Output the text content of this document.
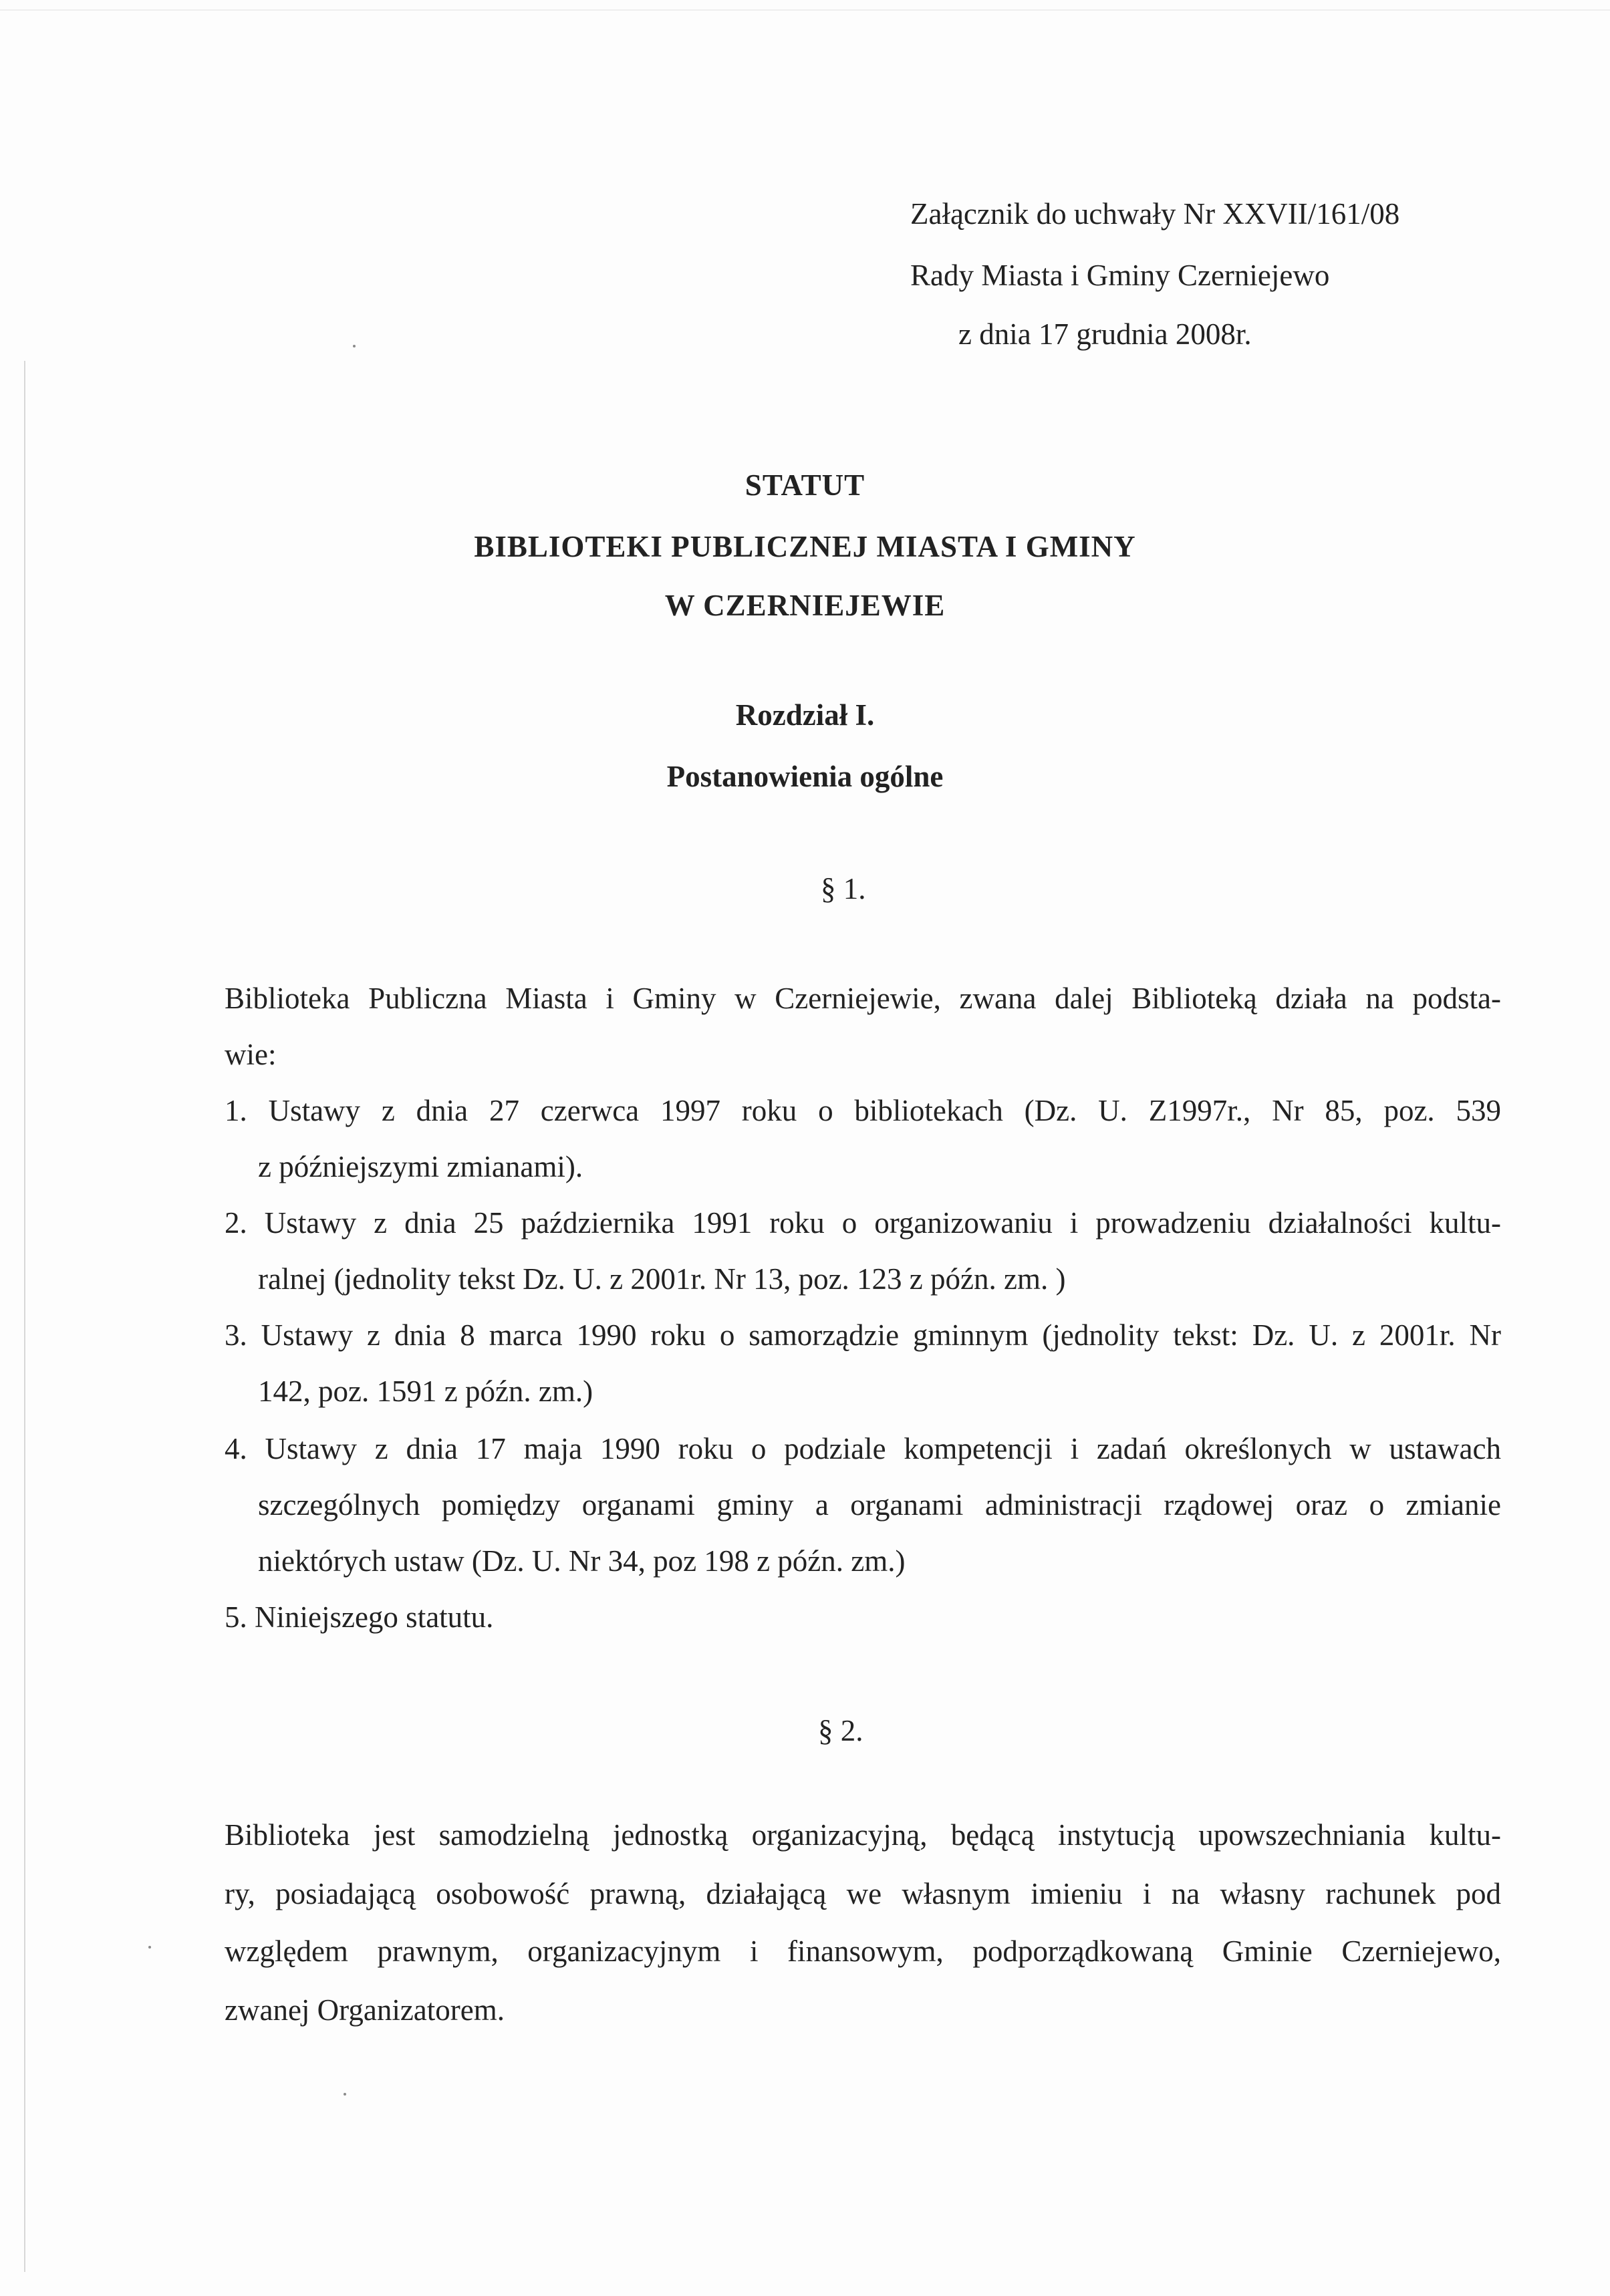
Załącznik do uchwały Nr XXVII/161/08
Rady Miasta i Gminy Czerniejewo
z dnia 17 grudnia 2008r.
STATUT
BIBLIOTEKI PUBLICZNEJ MIASTA I GMINY
W CZERNIEJEWIE
Rozdział I.
Postanowienia ogólne
§ 1.
Biblioteka Publiczna Miasta i Gminy w Czerniejewie, zwana dalej Biblioteką działa na podsta-
wie:
1. Ustawy z dnia 27 czerwca 1997 roku o bibliotekach (Dz. U. Z1997r., Nr 85, poz. 539
z późniejszymi zmianami).
2. Ustawy z dnia 25 października 1991 roku o organizowaniu i prowadzeniu działalności kultu-
ralnej (jednolity tekst Dz. U. z 2001r. Nr 13, poz. 123 z późn. zm. )
3. Ustawy z dnia 8 marca 1990 roku o samorządzie gminnym (jednolity tekst: Dz. U. z 2001r. Nr
142, poz. 1591 z późn. zm.)
4. Ustawy z dnia 17 maja 1990 roku o podziale kompetencji i zadań określonych w ustawach
szczególnych pomiędzy organami gminy a organami administracji rządowej oraz o zmianie
niektórych ustaw (Dz. U. Nr 34, poz 198 z późn. zm.)
5. Niniejszego statutu.
§ 2.
Biblioteka jest samodzielną jednostką organizacyjną, będącą instytucją upowszechniania kultu-
ry, posiadającą osobowość prawną, działającą we własnym imieniu i na własny rachunek pod
względem prawnym, organizacyjnym i finansowym, podporządkowaną Gminie Czerniejewo,
zwanej Organizatorem.
